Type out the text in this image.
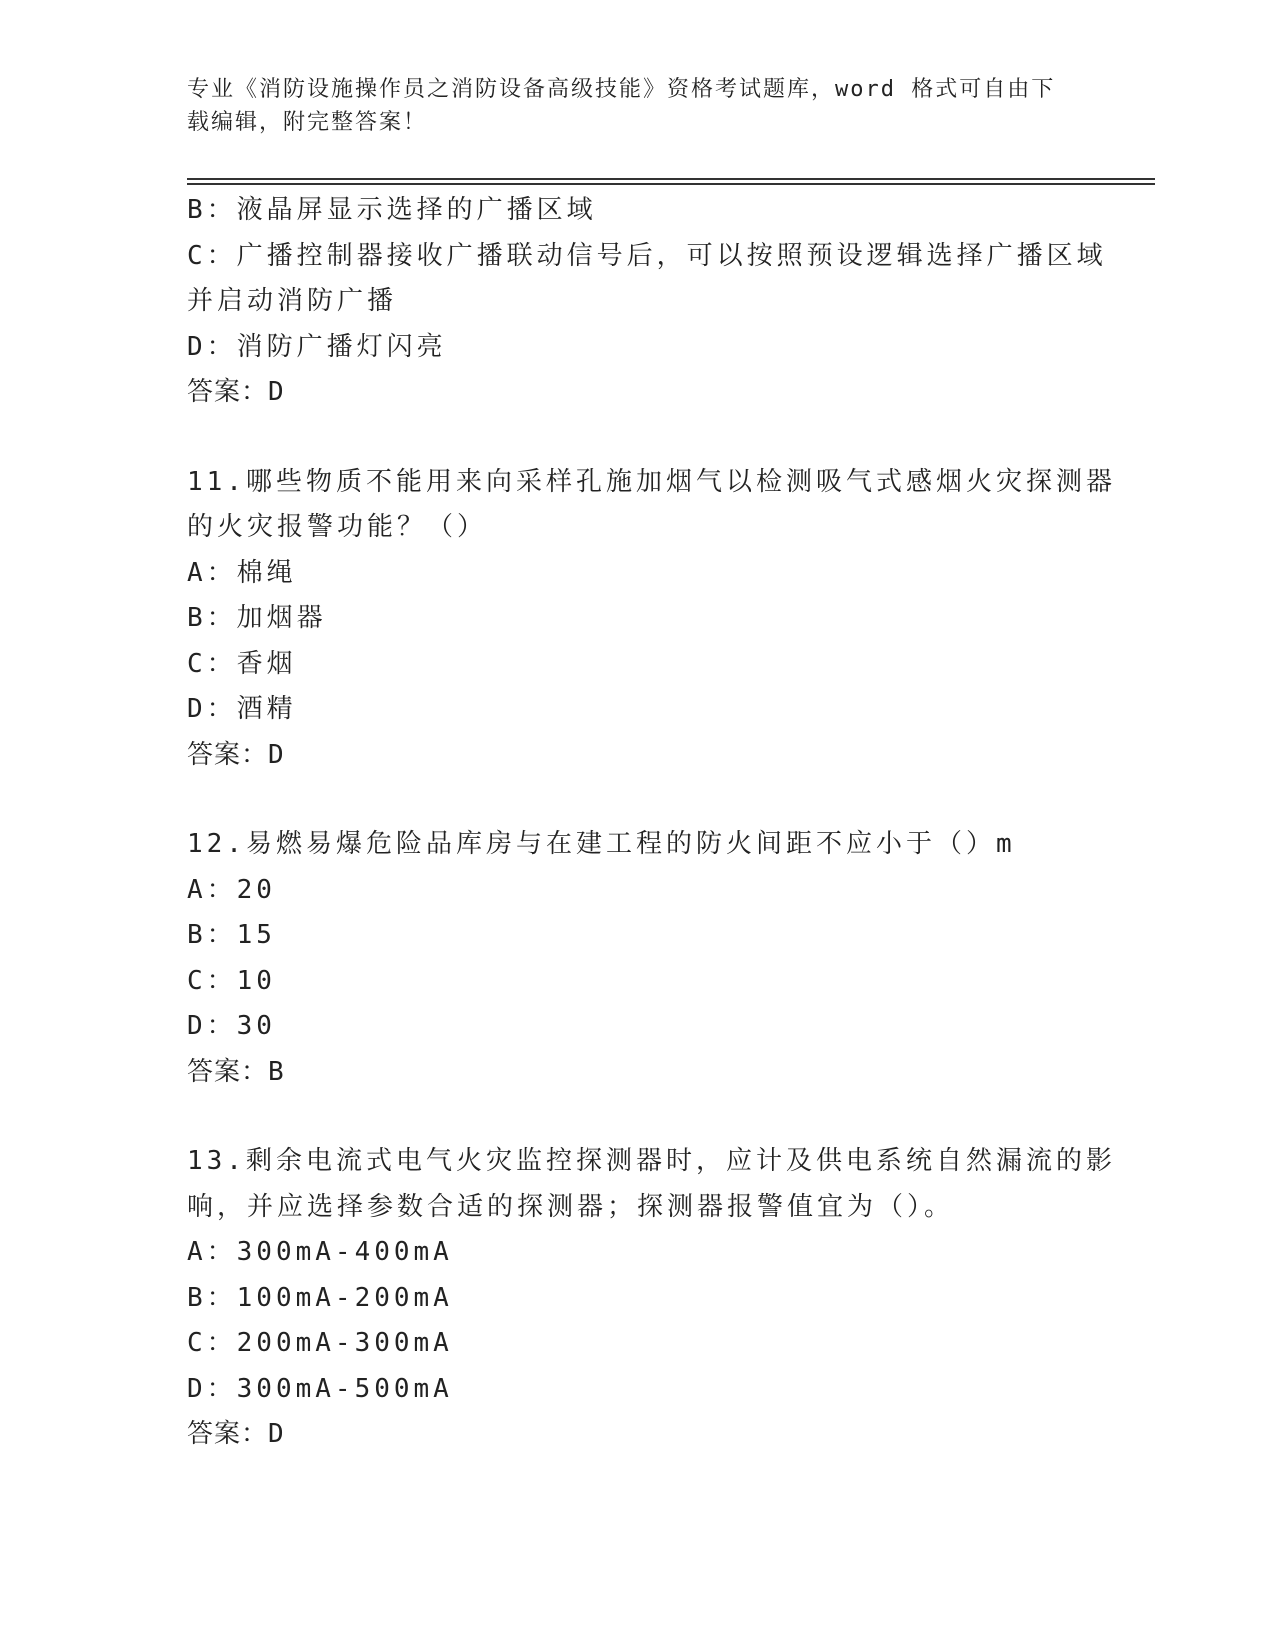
专业《消防设施操作员之消防设备高级技能》资格考试题库，word 格式可自由下
载编辑，附完整答案！
B：液晶屏显示选择的广播区域
C：广播控制器接收广播联动信号后，可以按照预设逻辑选择广播区域
并启动消防广播
D：消防广播灯闪亮
答案：D
11.哪些物质不能用来向采样孔施加烟气以检测吸气式感烟火灾探测器
的火灾报警功能？（）
A：棉绳
B：加烟器
C：香烟
D：酒精
答案：D
12.易燃易爆危险品库房与在建工程的防火间距不应小于（）m
A：20
B：15
C：10
D：30
答案：B
13.剩余电流式电气火灾监控探测器时，应计及供电系统自然漏流的影
响，并应选择参数合适的探测器；探测器报警值宜为（）。
A：300mA-400mA
B：100mA-200mA
C：200mA-300mA
D：300mA-500mA
答案：D
